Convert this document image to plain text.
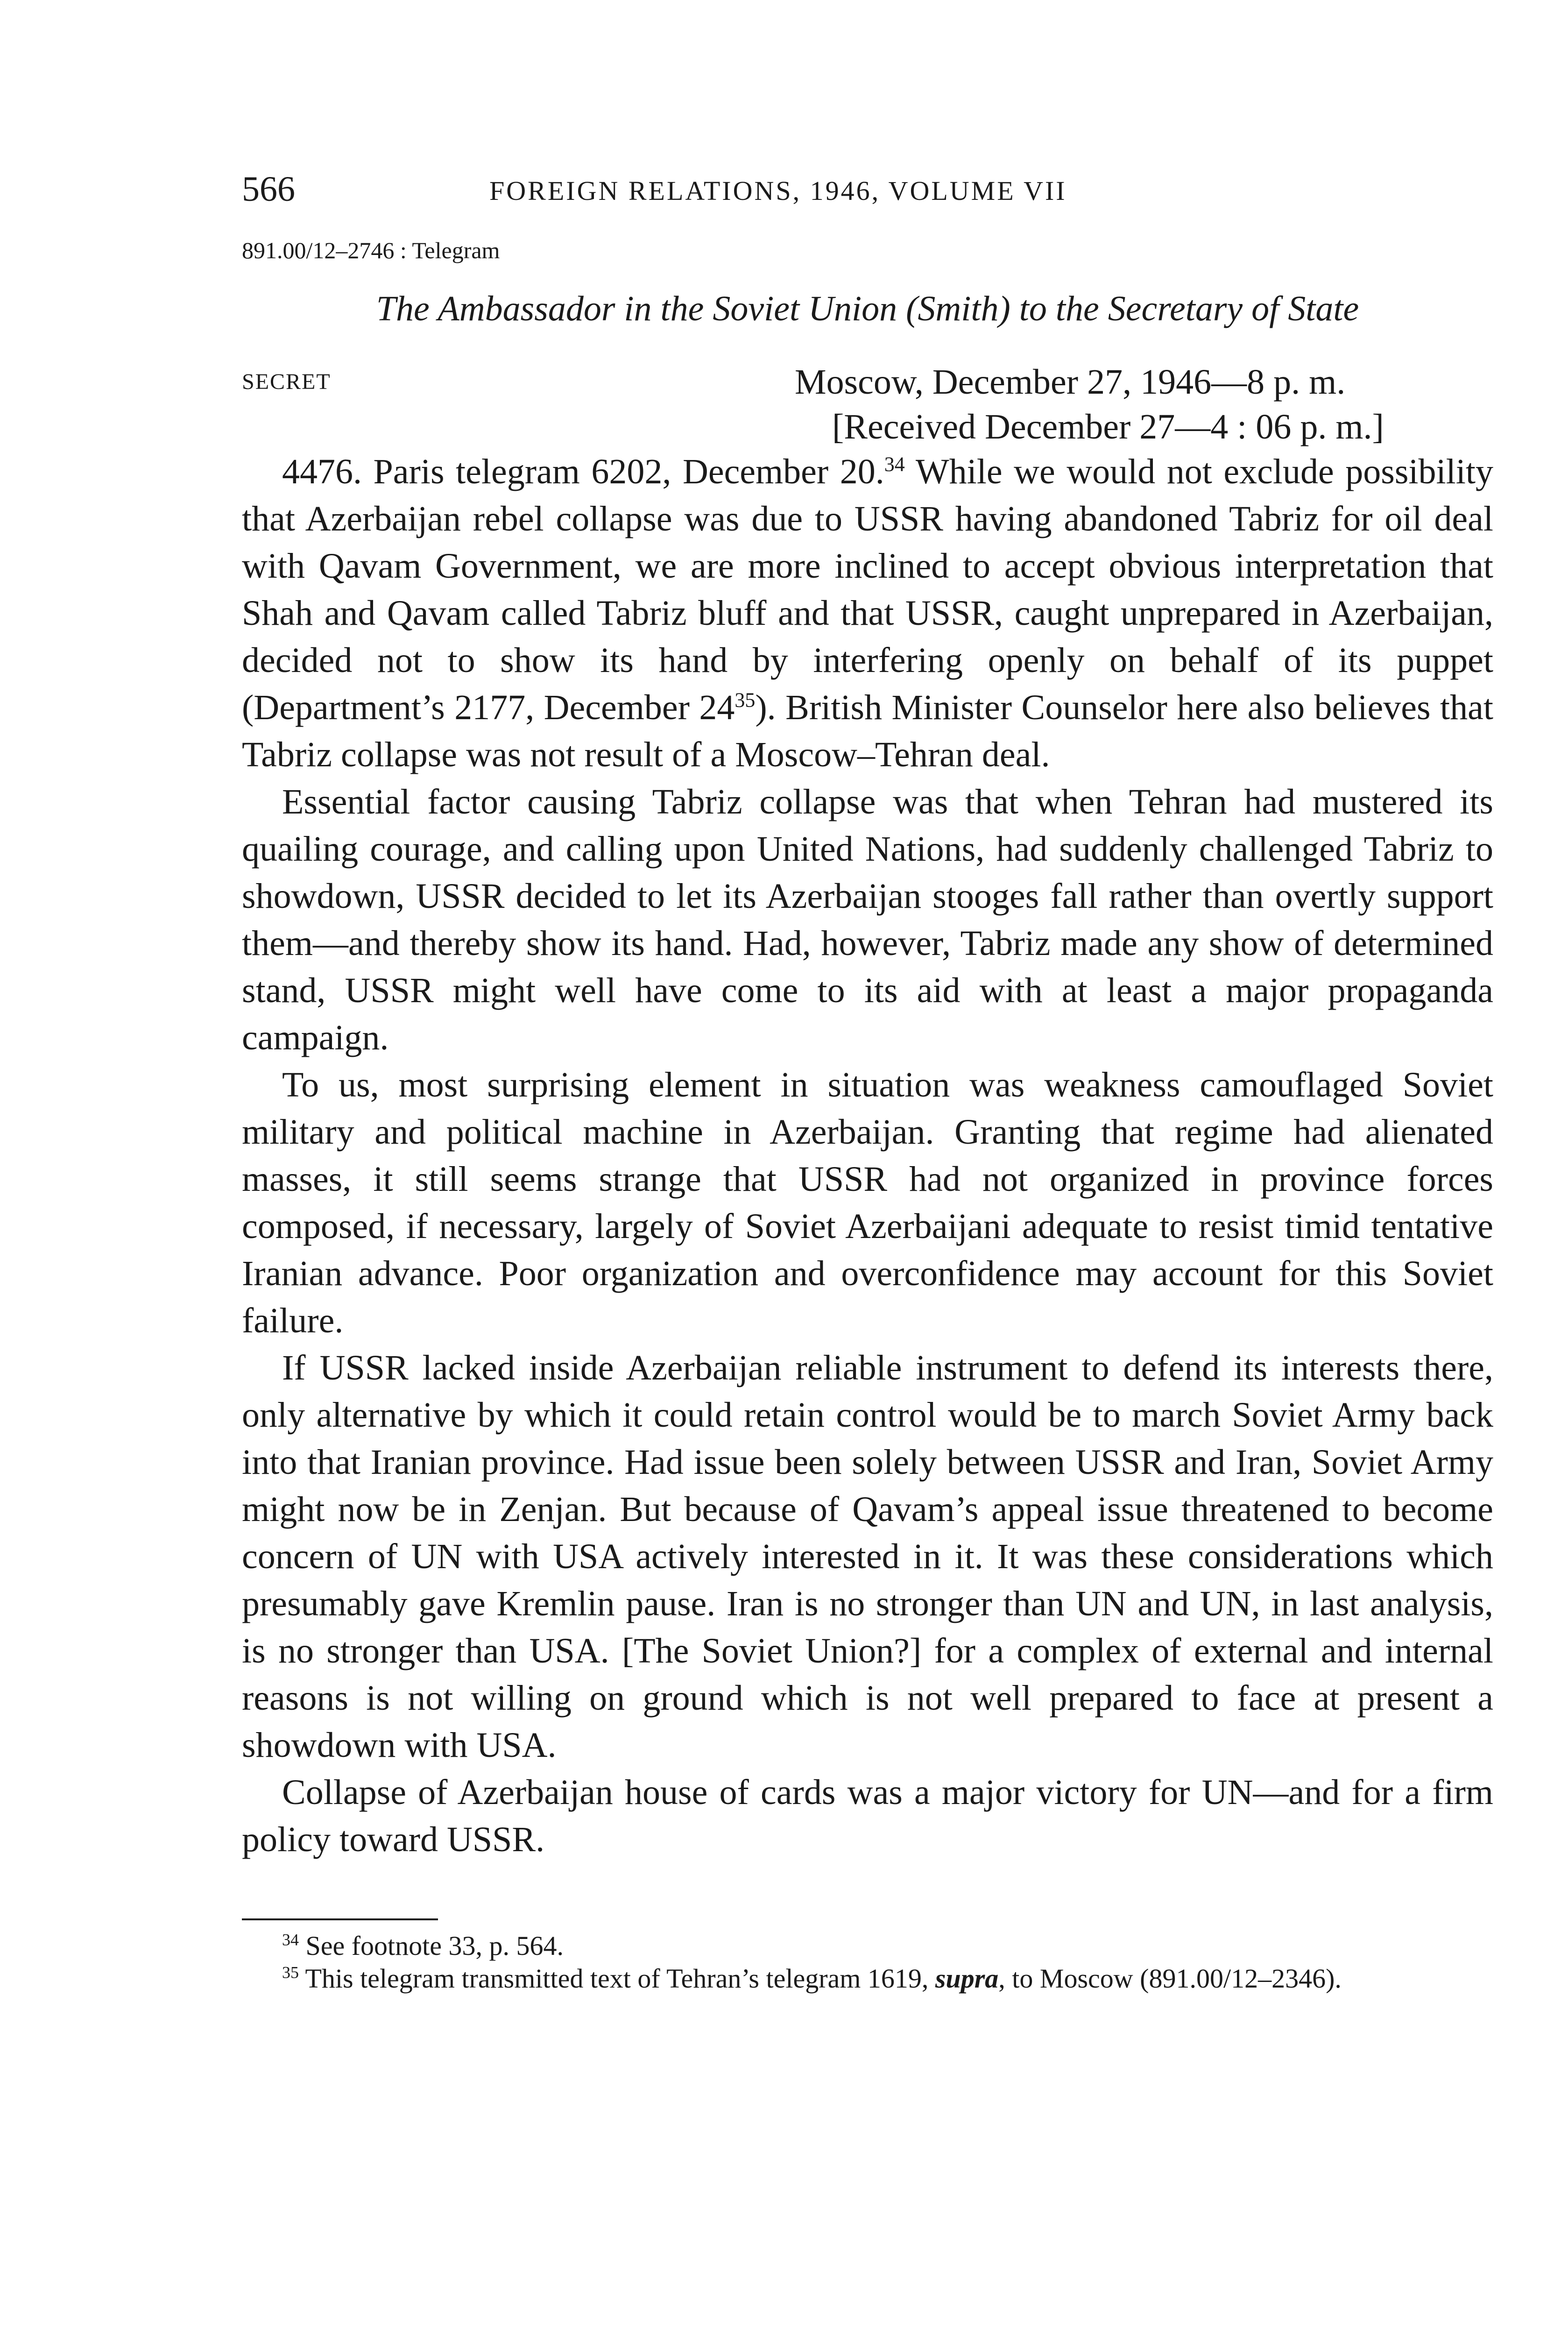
566	FOREIGN RELATIONS, 1946, VOLUME VII
891.00/12–2746 : Telegram
The Ambassador in the Soviet Union (Smith) to the Secretary of State
SECRET	Moscow, December 27, 1946—8 p. m.
[Received December 27—4 : 06 p. m.]

4476. Paris telegram 6202, December 20.34 While we would not exclude possibility that Azerbaijan rebel collapse was due to USSR having abandoned Tabriz for oil deal with Qavam Government, we are more inclined to accept obvious interpretation that Shah and Qavam called Tabriz bluff and that USSR, caught unprepared in Azerbaijan, decided not to show its hand by interfering openly on behalf of its puppet (Department’s 2177, December $24^{35}$). British Minister Counselor here also believes that Tabriz collapse was not result of a Moscow–Tehran deal.

Essential factor causing Tabriz collapse was that when Tehran had mustered its quailing courage, and calling upon United Nations, had suddenly challenged Tabriz to showdown, USSR decided to let its Azerbaijan stooges fall rather than overtly support them—and thereby show its hand. Had, however, Tabriz made any show of determined stand, USSR might well have come to its aid with at least a major propaganda campaign.

To us, most surprising element in situation was weakness camouflaged Soviet military and political machine in Azerbaijan. Granting that regime had alienated masses, it still seems strange that USSR had not organized in province forces composed, if necessary, largely of Soviet Azerbaijani adequate to resist timid tentative Iranian advance. Poor organization and overconfidence may account for this Soviet failure.

If USSR lacked inside Azerbaijan reliable instrument to defend its interests there, only alternative by which it could retain control would be to march Soviet Army back into that Iranian province. Had issue been solely between USSR and Iran, Soviet Army might now be in Zenjan. But because of Qavam’s appeal issue threatened to become concern of UN with USA actively interested in it. It was these considerations which presumably gave Kremlin pause. Iran is no stronger than UN and UN, in last analysis, is no stronger than USA. [The Soviet Union?] for a complex of external and internal reasons is not willing on ground which is not well prepared to face at present a showdown with USA.

Collapse of Azerbaijan house of cards was a major victory for UN—and for a firm policy toward USSR.

$^{34}$ See footnote 33, p. 564.

$^{35}$ This telegram transmitted text of Tehran’s telegram 1619, supra, to Moscow (891.00/12–2346).
